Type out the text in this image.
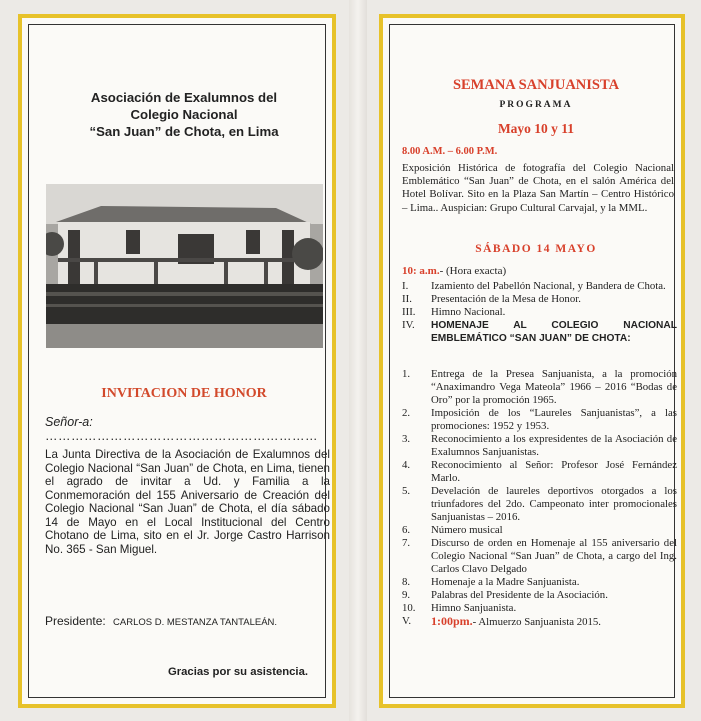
Asociación de Exalumnos del
Colegio Nacional
“San Juan” de Chota, en Lima
INVITACION DE HONOR
Señor-a: ………………………………………………………
La Junta Directiva de la Asociación de Exalumnos del Colegio Nacional “San Juan” de Chota, en Lima, tienen el agrado de invitar a Ud. y Familia a la Conmemoración del 155 Aniversario de Creación del Colegio Nacional “San Juan” de Chota, el día sábado 14 de Mayo en el Local Institucional del Centro Chotano de Lima, sito en el Jr. Jorge Castro Harrison No. 365 - San Miguel.
Presidente: CARLOS D. MESTANZA TANTALEÁN.
Gracias por su asistencia.
SEMANA SANJUANISTA
PROGRAMA
Mayo 10 y 11
8.00 A.M. – 6.00 P.M.
Exposición Histórica de fotografía del Colegio Nacional Emblemático “San Juan” de Chota, en el salón América del Hotel Bolívar. Sito en la Plaza San Martín – Centro Histórico – Lima.. Auspician: Grupo Cultural Carvajal, y la MML.
SÁBADO 14 MAYO
10: a.m.- (Hora exacta)
I.	Izamiento del Pabellón Nacional, y Bandera de Chota.
II.	Presentación de la Mesa de Honor.
III.	Himno Nacional.
IV.	HOMENAJE AL COLEGIO NACIONAL EMBLEMÁTICO “SAN JUAN” DE CHOTA:
1.	Entrega de la Presea Sanjuanista, a la promoción “Anaximandro Vega Mateola” 1966 – 2016 “Bodas de Oro” por la promoción 1965.
2.	Imposición de los “Laureles Sanjuanistas”, a las promociones: 1952 y 1953.
3.	Reconocimiento a los expresidentes de la Asociación de Exalumnos Sanjuanistas.
4.	Reconocimiento al Señor: Profesor José Fernández Marlo.
5.	Develación de laureles deportivos otorgados a los triunfadores del 2do. Campeonato inter promocionales Sanjuanistas – 2016.
6.	Número musical
7.	Discurso de orden en Homenaje al 155 aniversario del Colegio Nacional “San Juan” de Chota, a cargo del Ing. Carlos Clavo Delgado
8.	Homenaje a la Madre Sanjuanista.
9.	Palabras del Presidente de la Asociación.
10.	Himno Sanjuanista.
V.	1:00pm.- Almuerzo Sanjuanista 2015.
